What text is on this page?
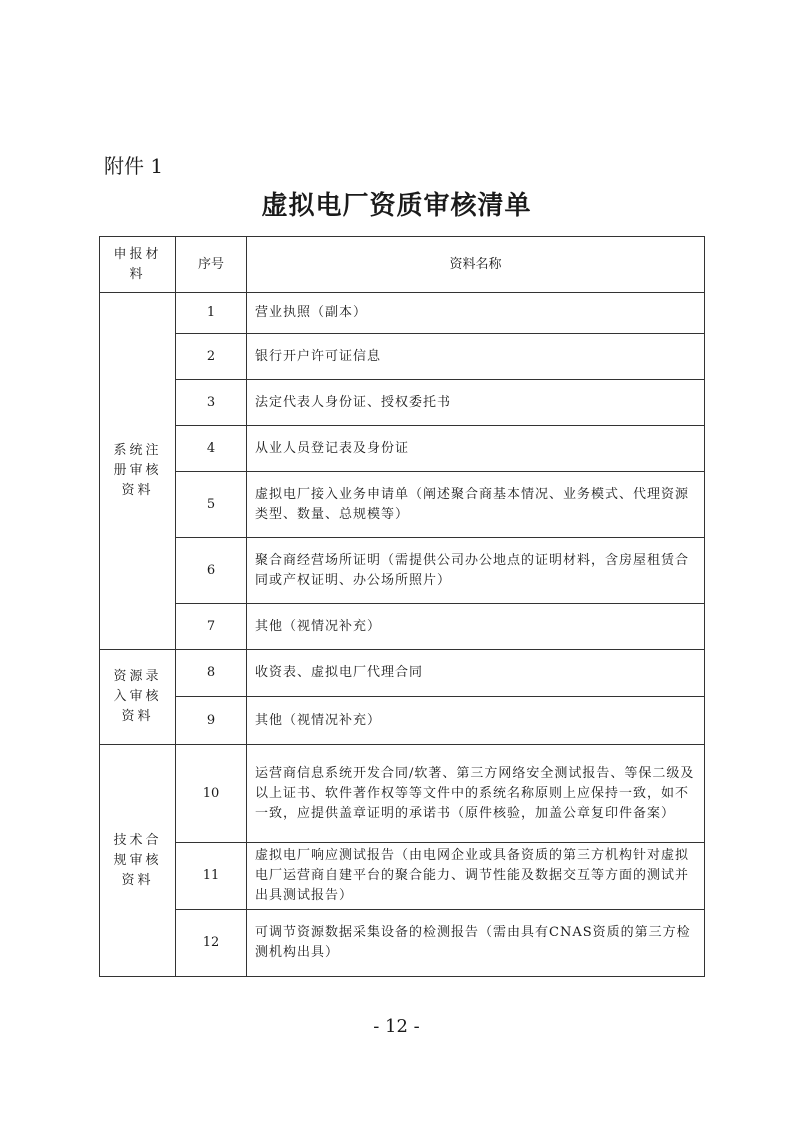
附件 1
虚拟电厂资质审核清单
申报材料	序号	资料名称
系统注册审核资料	1	营业执照（副本）
	2	银行开户许可证信息
	3	法定代表人身份证、授权委托书
	4	从业人员登记表及身份证
	5	虚拟电厂接入业务申请单（阐述聚合商基本情况、业务模式、代理资源类型、数量、总规模等）
	6	聚合商经营场所证明（需提供公司办公地点的证明材料，含房屋租赁合同或产权证明、办公场所照片）
	7	其他（视情况补充）
资源录入审核资料	8	收资表、虚拟电厂代理合同
	9	其他（视情况补充）
技术合规审核资料	10	运营商信息系统开发合同/软著、第三方网络安全测试报告、等保二级及以上证书、软件著作权等等文件中的系统名称原则上应保持一致，如不一致，应提供盖章证明的承诺书（原件核验，加盖公章复印件备案）
	11	虚拟电厂响应测试报告（由电网企业或具备资质的第三方机构针对虚拟电厂运营商自建平台的聚合能力、调节性能及数据交互等方面的测试并出具测试报告）
	12	可调节资源数据采集设备的检测报告（需由具有CNAS资质的第三方检测机构出具）
- 12 -
